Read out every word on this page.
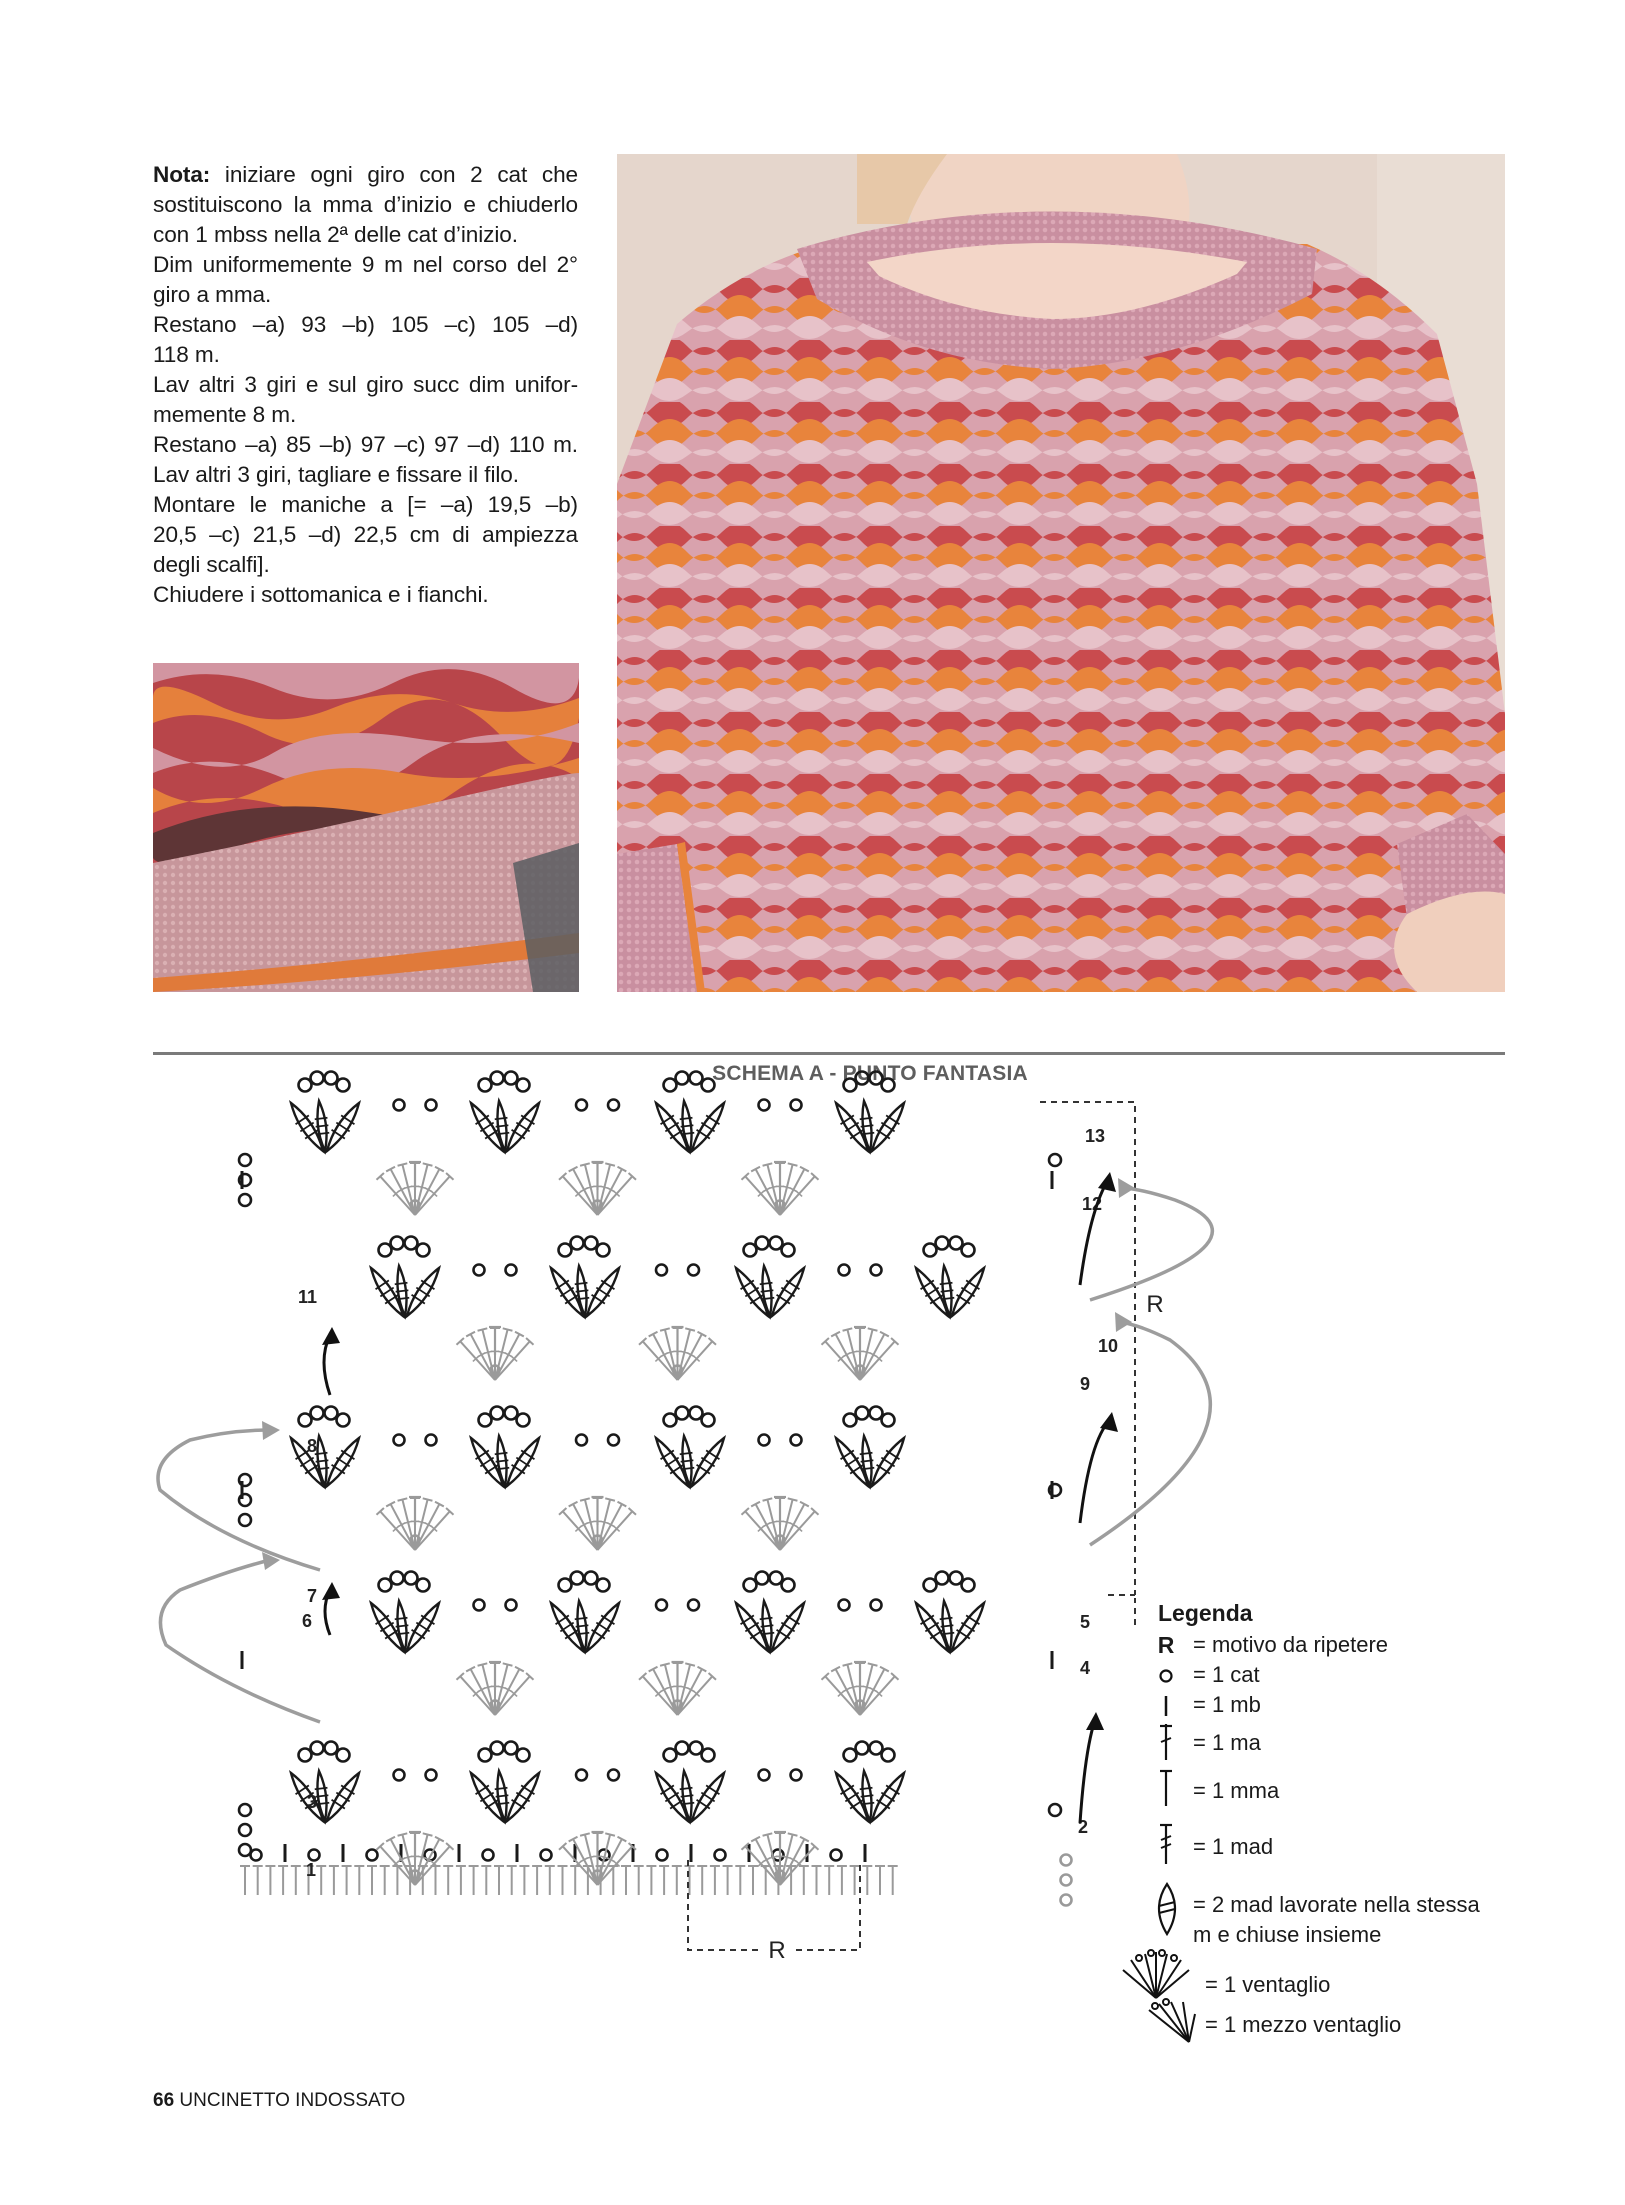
Nota: iniziare ogni giro con 2 cat che

sostituiscono la mma d’inizio e chiuderlo

con 1 mbss nella 2ª delle cat d’inizio.

Dim uniformemente 9 m nel corso del 2°

giro a mma.

Restano –a) 93 –b) 105 –c) 105 –d)

118 m.

Lav altri 3 giri e sul giro succ dim unifor-

memente 8 m.

Restano –a) 85 –b) 97 –c) 97 –d) 110 m.

Lav altri 3 giri, tagliare e fissare il filo.

Montare le maniche a [= –a) 19,5 –b)

20,5 –c) 21,5 –d) 22,5 cm di ampiezza

degli scalfi].

Chiudere i sottomanica e i fianchi.

SCHEMA A - PUNTO FANTASIA
R
R
1
3
6
7
8
11
2
4
5
9
10
12
13
Legenda
R = motivo da ripetere
= 1 cat
= 1 mb
= 1 ma
= 1 mma
= 1 mad
= 2 mad lavorate nella stessa
m e chiuse insieme
= 1 ventaglio
= 1 mezzo ventaglio
66 UNCINETTO INDOSSATO
